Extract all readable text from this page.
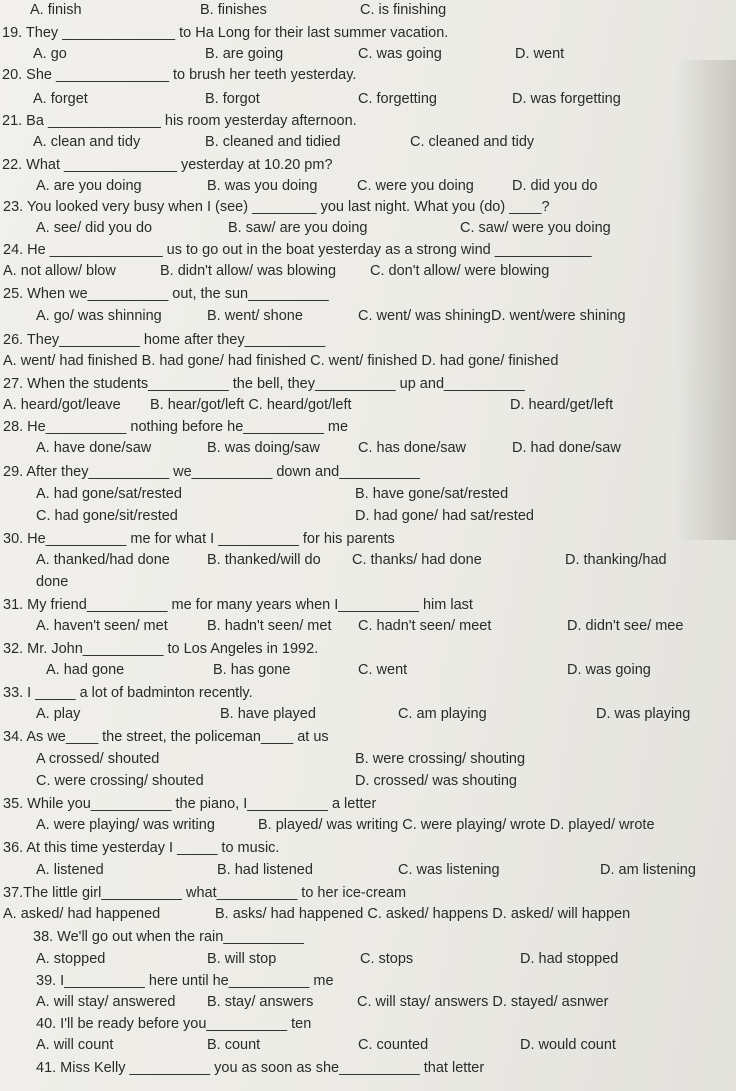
A. finish	B. finishes	C. is finishing
19. They ______________ to Ha Long for their last summer vacation.
A. go	B. are going	C. was going	D. went
20. She ______________ to brush her teeth yesterday.
A. forget	B. forgot	C. forgetting	D. was forgetting
21. Ba ______________ his room yesterday afternoon.
A. clean and tidy	B. cleaned and tidied	C. cleaned and tidy
22. What ______________ yesterday at 10.20 pm?
A. are you doing	B. was you doing	C. were you doing	D. did you do
23. You looked very busy when I (see) ________ you last night. What you (do) ____?
A. see/ did you do	B. saw/ are you doing	C. saw/ were you doing
24. He ______________ us to go out in the boat yesterday as a strong wind ____________
A. not allow/ blow	B. didn't allow/ was blowing C. don't allow/ were blowing
25. When we__________ out, the sun__________
A. go/ was shinning	B. went/ shone	C. went/ was shiningD. went/were shining
26. They__________ home after they__________
A. went/ had finished B. had gone/ had finished C. went/ finished D. had gone/ finished
27. When the students__________ the bell, they__________ up and__________
A. heard/got/leave B. hear/got/left C. heard/got/left	D. heard/get/left
28. He__________ nothing before he__________ me
A. have done/saw	B. was doing/saw	C. has done/saw	D. had done/saw
29. After they__________ we__________ down and__________
A. had gone/sat/rested	B. have gone/sat/rested
C. had gone/sit/rested	D. had gone/ had sat/rested
30. He__________ me for what I __________ for his parents
A. thanked/had done	B. thanked/will do C. thanks/ had done	D. thanking/had
done
31. My friend__________ me for many years when I__________ him last
A. haven't seen/ met	B. hadn't seen/ met C. hadn't seen/ meet	D. didn't see/ mee
32. Mr. John__________ to Los Angeles in 1992.
A. had gone	B. has gone	C. went	D. was going
33. I _____ a lot of badminton recently.
A. play	B. have played	C. am playing	D. was playing
34. As we____ the street, the policeman____ at us
A crossed/ shouted	B. were crossing/ shouting
C. were crossing/ shouted	D. crossed/ was shouting
35. While you__________ the piano, I__________ a letter
A. were playing/ was writing	B. played/ was writing C. were playing/ wrote D. played/ wrote
36. At this time yesterday I _____ to music.
A. listened	B. had listened	C. was listening	D. am listening
37.The little girl__________ what__________ to her ice-cream
A. asked/ had happened	B. asks/ had happened C. asked/ happens D. asked/ will happen
38. We'll go out when the rain__________
A. stopped	B. will stop	C. stops	D. had stopped
39. I__________ here until he__________ me
A. will stay/ answered B. stay/ answers	C. will stay/ answers D. stayed/ asnwer
40. I'll be ready before you__________ ten
A. will count	B. count	C. counted	D. would count
41. Miss Kelly __________ you as soon as she__________ that letter
